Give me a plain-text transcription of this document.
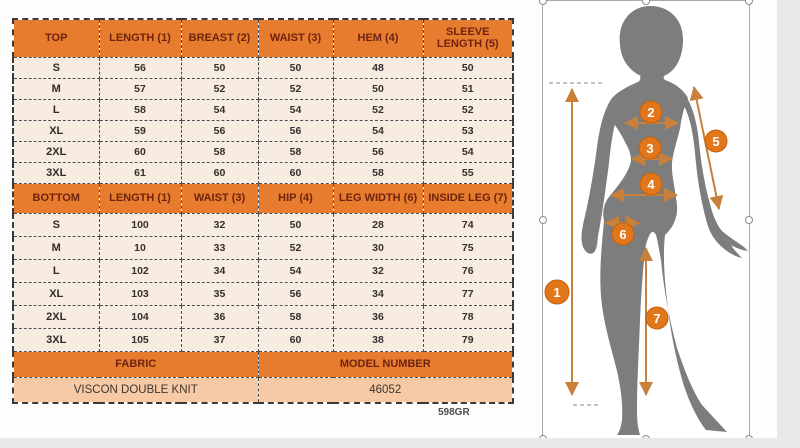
TOP	LENGTH (1)	BREAST (2)	WAIST (3)	HEM (4)	SLEEVE LENGTH (5)
S	56	50	50	48	50
M	57	52	52	50	51
L	58	54	54	52	52
XL	59	56	56	54	53
2XL	60	58	58	56	54
3XL	61	60	60	58	55
BOTTOM	LENGTH (1)	WAIST (3)	HIP (4)	LEG WIDTH (6)	INSIDE LEG (7)
S	100	32	50	28	74
M	10	33	52	30	75
L	102	34	54	32	76
XL	103	35	56	34	77
2XL	104	36	58	36	78
3XL	105	37	60	38	79
FABRIC			MODEL NUMBER		
VISCON DOUBLE KNIT			46052		
598GR
1
2
3
4
5
6
7
